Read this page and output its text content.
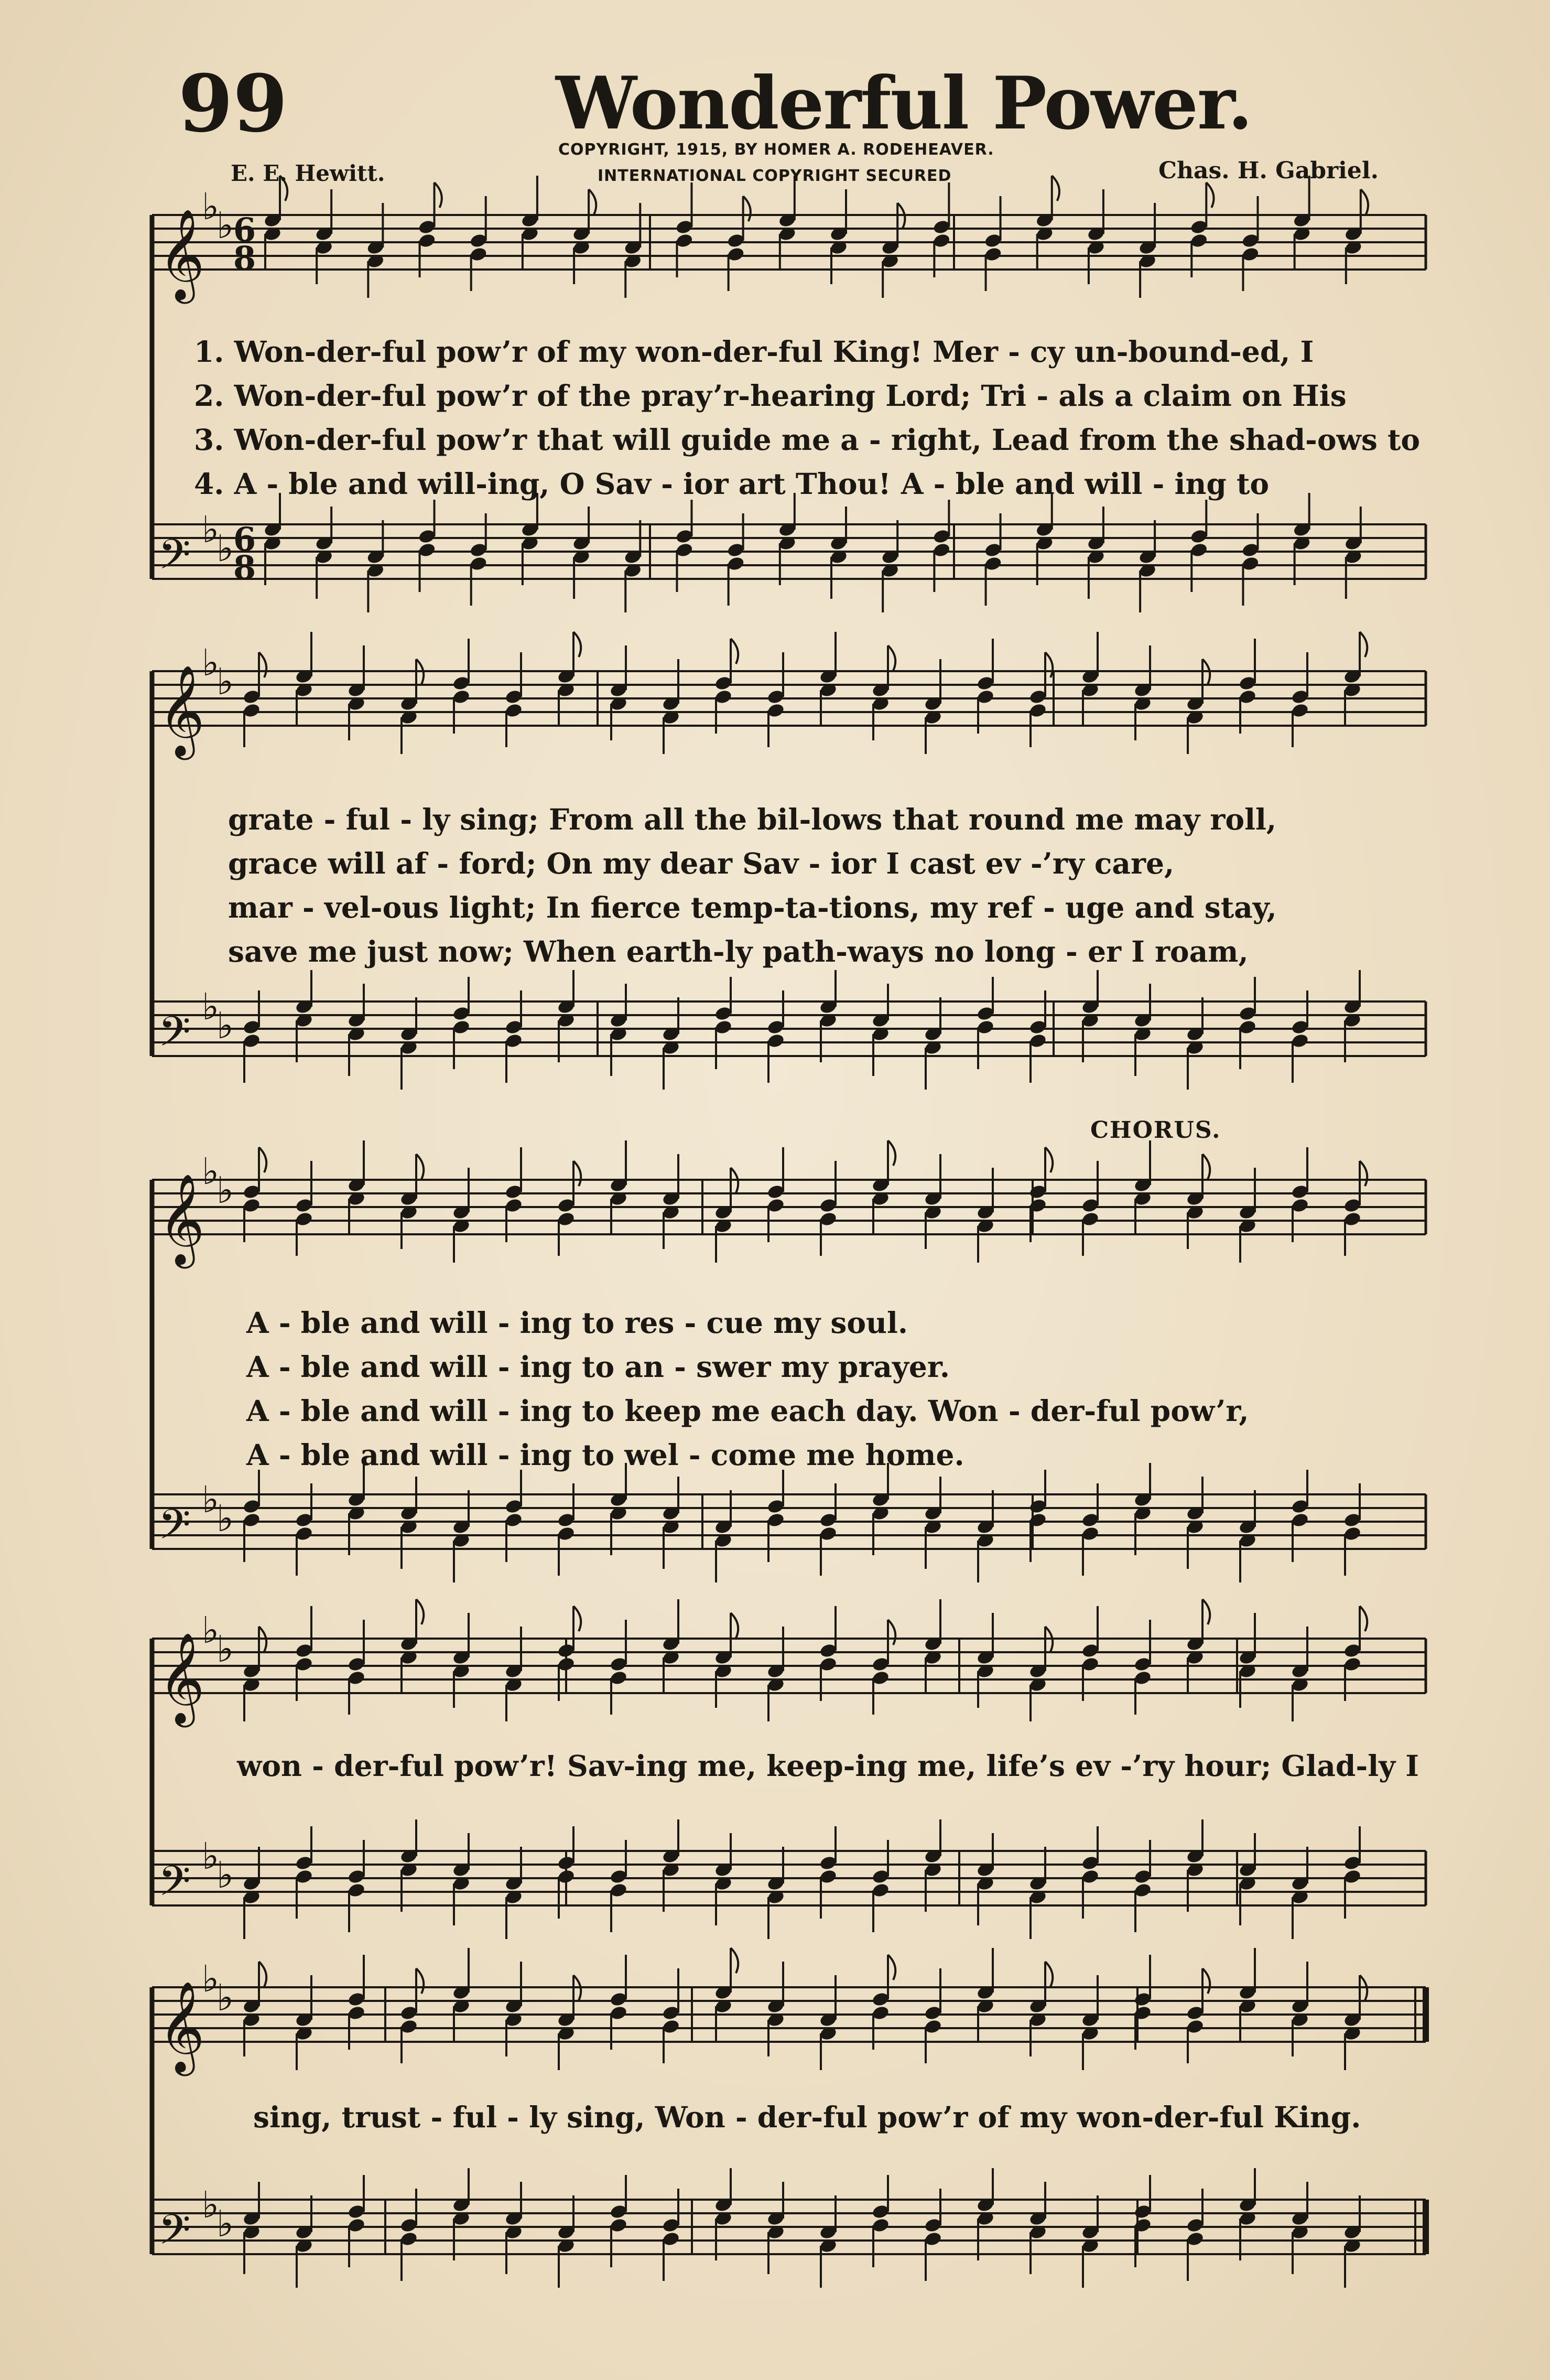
99	Wonderful Power.
COPYRIGHT, 1915, BY HOMER A. RODEHEAVER.
INTERNATIONAL COPYRIGHT SECURED
E. E. Hewitt.	Chas. H. Gabriel.
CHORUS.
1. Won-der-ful pow’r of my won-der-ful King! Mer - cy un-bound-ed, I
2. Won-der-ful pow’r of the pray’r-hearing Lord; Tri - als a claim on His
3. Won-der-ful pow’r that will guide me a - right, Lead from the shad-ows to
4. A - ble and will-ing, O Sav - ior art Thou! A - ble and will - ing to
grate - ful - ly sing; From all the bil-lows that round me may roll,
grace will af - ford; On my dear Sav - ior I cast ev -’ry care,
mar - vel-ous light; In fierce temp-ta-tions, my ref - uge and stay,
save me just now; When earth-ly path-ways no long - er I roam,
A - ble and will - ing to res - cue my soul.
A - ble and will - ing to an - swer my prayer.
A - ble and will - ing to keep me each day. Won - der-ful pow’r,
A - ble and will - ing to wel - come me home.
won - der-ful pow’r! Sav-ing me, keep-ing me, life’s ev -’ry hour; Glad-ly I
sing, trust - ful - ly sing, Won - der-ful pow’r of my won-der-ful King.
𝄞
♭
♭
6
8
𝄢
♭
♭
6
8
𝄞
♭
♭
𝄢
♭
♭
𝄞
♭
♭
𝄢
♭
♭
𝄞
♭
♭
𝄢
♭
♭
𝄞
♭
♭
𝄢
♭
♭
